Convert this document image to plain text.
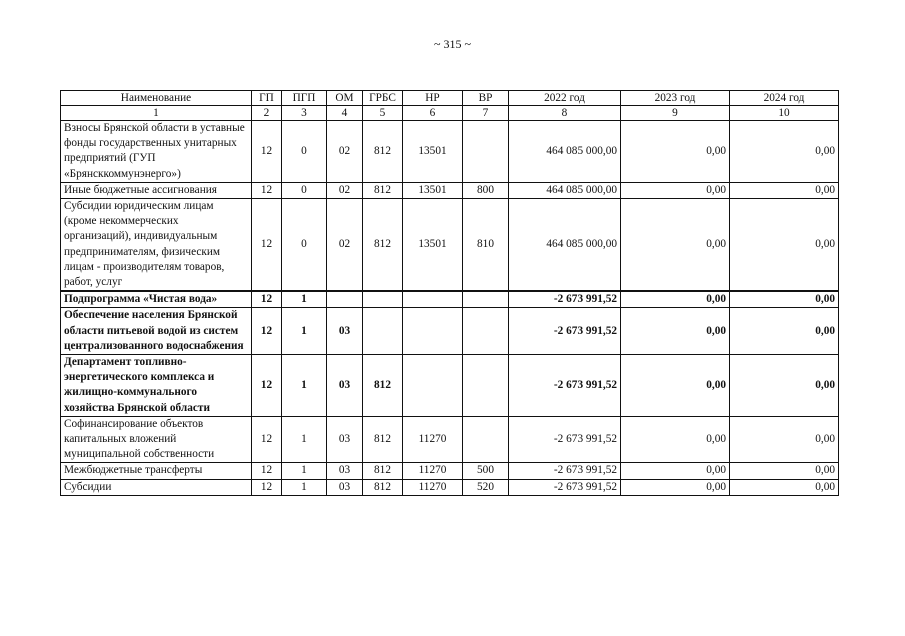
~ 315 ~
Наименование	ГП	ПГП	ОМ	ГРБС	НР	ВР	2022 год	2023 год	2024 год
1	2	3	4	5	6	7	8	9	10
Взносы Брянской области в уставные фонды государственных унитарных предприятий (ГУП «Брянсккоммунэнерго»)	12	0	02	812	13501		464 085 000,00	0,00	0,00
Иные бюджетные ассигнования	12	0	02	812	13501	800	464 085 000,00	0,00	0,00
Субсидии юридическим лицам (кроме некоммерческих организаций), индивидуальным предпринимателям, физическим лицам - производителям товаров, работ, услуг	12	0	02	812	13501	810	464 085 000,00	0,00	0,00
Подпрограмма «Чистая вода»	12	1					-2 673 991,52	0,00	0,00
Обеспечение населения Брянской области питьевой водой из систем централизованного водоснабжения	12	1	03				-2 673 991,52	0,00	0,00
Департамент топливно-энергетического комплекса и жилищно-коммунального хозяйства Брянской области	12	1	03	812			-2 673 991,52	0,00	0,00
Софинансирование объектов капитальных вложений муниципальной собственности	12	1	03	812	11270		-2 673 991,52	0,00	0,00
Межбюджетные трансферты	12	1	03	812	11270	500	-2 673 991,52	0,00	0,00
Субсидии	12	1	03	812	11270	520	-2 673 991,52	0,00	0,00
